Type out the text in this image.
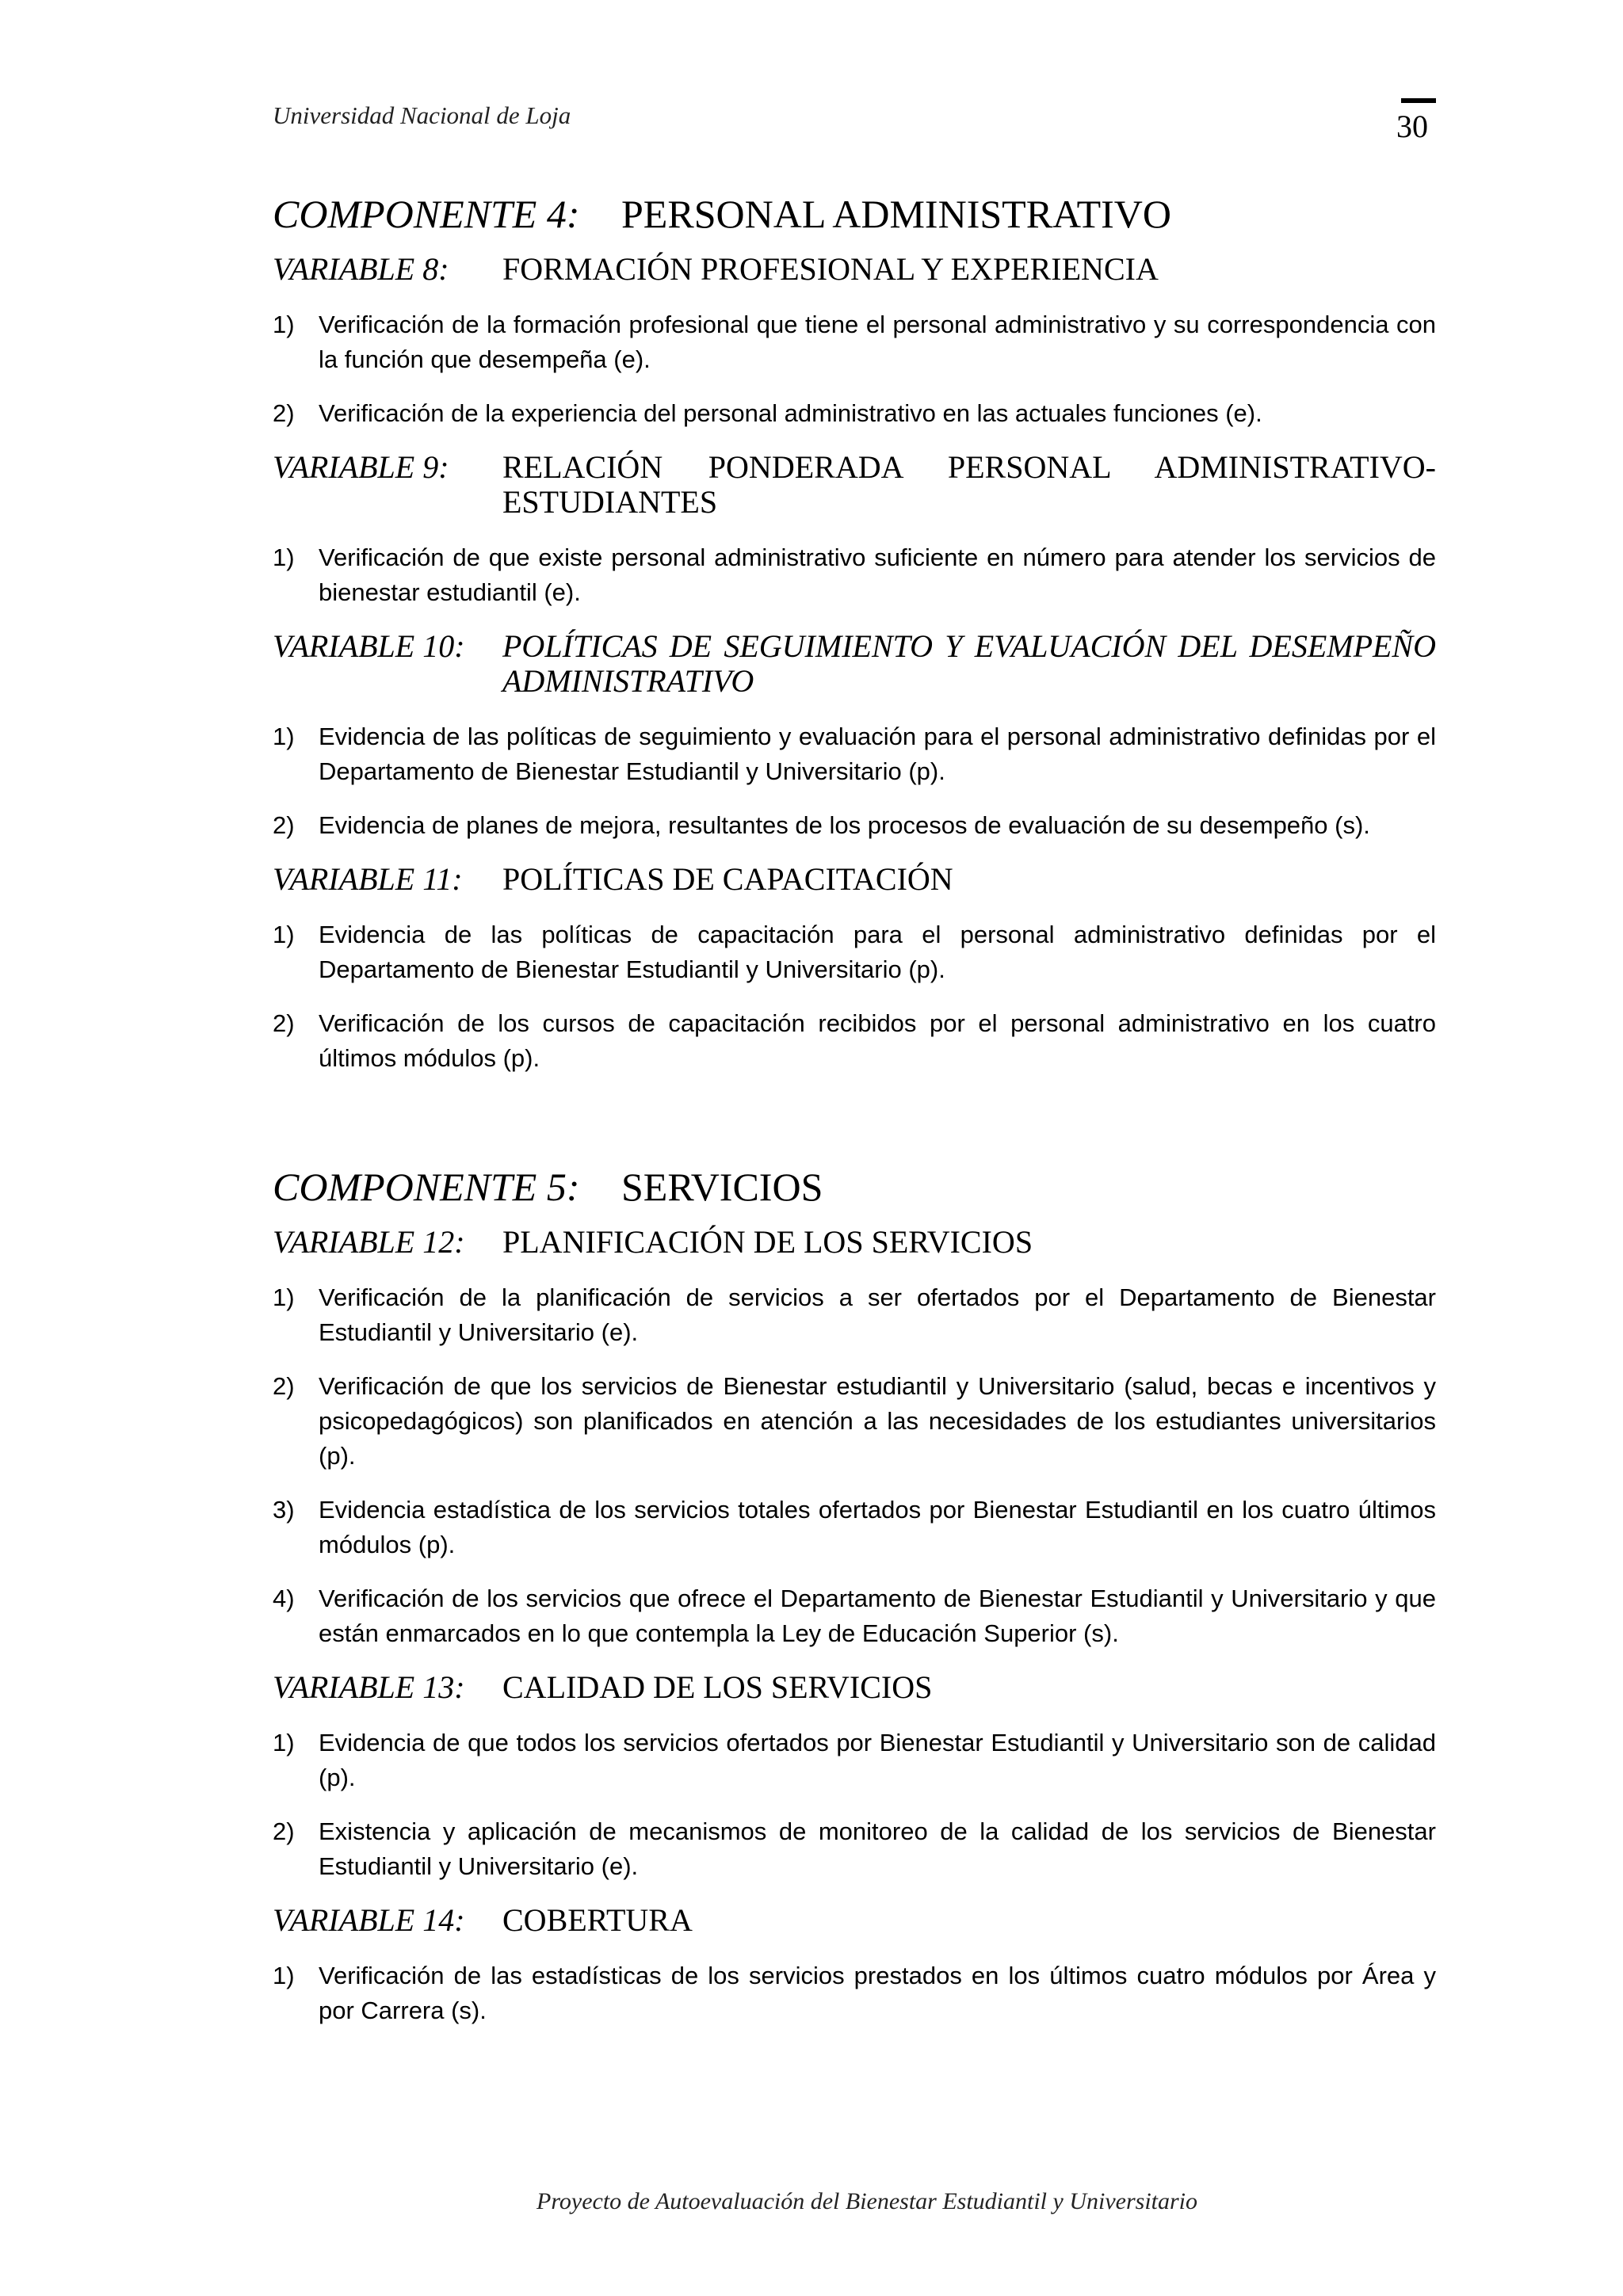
Universidad Nacional de Loja	30
COMPONENTE 4: PERSONAL ADMINISTRATIVO
VARIABLE 8:	FORMACIÓN PROFESIONAL Y EXPERIENCIA
1) Verificación de la formación profesional que tiene el personal administrativo y su correspondencia con la función que desempeña (e).
2) Verificación de la experiencia del personal administrativo en las actuales funciones (e).
VARIABLE 9:	RELACIÓN PONDERADA PERSONAL ADMINISTRATIVO-ESTUDIANTES
1) Verificación de que existe personal administrativo suficiente en número para atender los servicios de bienestar estudiantil (e).
VARIABLE 10:	POLÍTICAS DE SEGUIMIENTO Y EVALUACIÓN DEL DESEMPEÑO ADMINISTRATIVO
1) Evidencia de las políticas de seguimiento y evaluación para el personal administrativo definidas por el Departamento de Bienestar Estudiantil y Universitario (p).
2) Evidencia de planes de mejora, resultantes de los procesos de evaluación de su desempeño (s).
VARIABLE 11:	POLÍTICAS DE CAPACITACIÓN
1) Evidencia de las políticas de capacitación para el personal administrativo definidas por el Departamento de Bienestar Estudiantil y Universitario (p).
2) Verificación de los cursos de capacitación recibidos por el personal administrativo en los cuatro últimos módulos (p).
COMPONENTE 5: SERVICIOS
VARIABLE 12:	PLANIFICACIÓN DE LOS SERVICIOS
1) Verificación de la planificación de servicios a ser ofertados por el Departamento de Bienestar Estudiantil y Universitario (e).
2) Verificación de que los servicios de Bienestar estudiantil y Universitario (salud, becas e incentivos y psicopedagógicos) son planificados en atención a las necesidades de los estudiantes universitarios (p).
3) Evidencia estadística de los servicios totales ofertados por Bienestar Estudiantil en los cuatro últimos módulos (p).
4) Verificación de los servicios que ofrece el Departamento de Bienestar Estudiantil y Universitario y que están enmarcados en lo que contempla la Ley de Educación Superior (s).
VARIABLE 13:	CALIDAD DE LOS SERVICIOS
1) Evidencia de que todos los servicios ofertados por Bienestar Estudiantil y Universitario son de calidad (p).
2) Existencia y aplicación de mecanismos de monitoreo de la calidad de los servicios de Bienestar Estudiantil y Universitario (e).
VARIABLE 14:	COBERTURA
1) Verificación de las estadísticas de los servicios prestados en los últimos cuatro módulos por Área y por Carrera (s).
Proyecto de Autoevaluación del Bienestar Estudiantil y Universitario
